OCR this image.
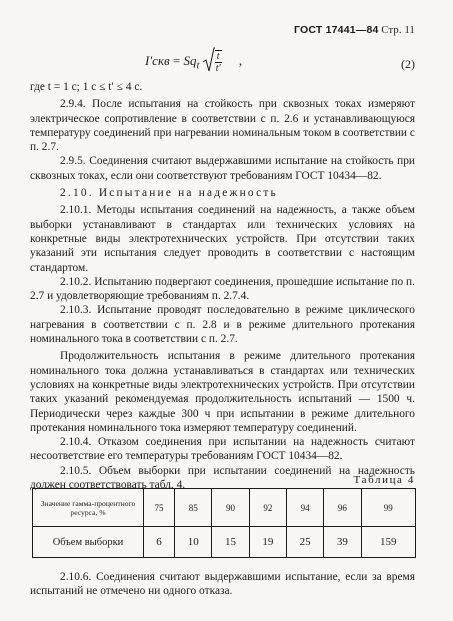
ГОСТ 17441—84 Стр. 11
$I'скв = Sq_t \frac{t}{t'}$ ,	(2)

где t = 1 с; 1 с ≤ t′ ≤ 4 с.

2.9.4. После испытания на стойкость при сквозных токах измеряют электрическое сопротивление в соответствии с п. 2.6 и устанавливающуюся температуру соединений при нагревании номинальным током в соответствии с п. 2.7.

2.9.5. Соединения считают выдержавшими испытание на стойкость при сквозных токах, если они соответствуют требованиям ГОСТ 10434—82.

2.10. Испытание на надежность

2.10.1. Методы испытания соединений на надежность, а также объем выборки устанавливают в стандартах или технических условиях на конкретные виды электротехнических устройств. При отсутствии таких указаний эти испытания следует проводить в соответствии с настоящим стандартом.

2.10.2. Испытанию подвергают соединения, прошедшие испытание по п. 2.7 и удовлетворяющие требованиям п. 2.7.4.

2.10.3. Испытание проводят последовательно в режиме циклического нагревания в соответствии с п. 2.8 и в режиме длительного протекания номинального тока в соответствии с п. 2.7.

Продолжительность испытания в режиме длительного протекания номинального тока должна устанавливаться в стандартах или технических условиях на конкретные виды электротехнических устройств. При отсутствии таких указаний рекомендуемая продолжительность испытаний — 1500 ч. Периодически через каждые 300 ч при испытании в режиме длительного протекания номинального тока измеряют температуру соединений.

2.10.4. Отказом соединения при испытании на надежность считают несоответствие его температуры требованиям ГОСТ 10434—82.

2.10.5. Объем выборки при испытании соединений на надежность должен соответствовать табл. 4.	Таблица 4
Значение гамма-процентного ресурса, %	75	85	90	92	94	96	99
Объем выборки	6	10	15	19	25	39	159

2.10.6. Соединения считают выдержавшими испытание, если за время испытаний не отмечено ни одного отказа.
